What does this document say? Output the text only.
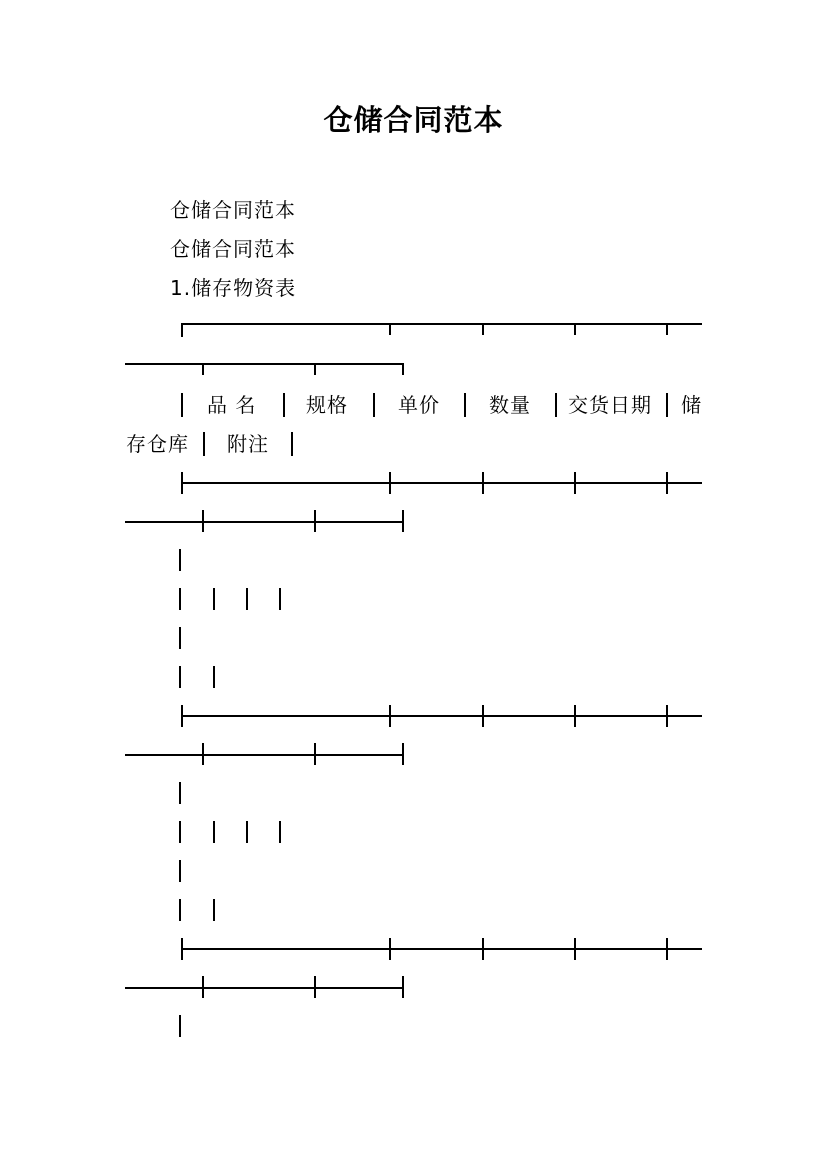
仓储合同范本
仓储合同范本
仓储合同范本
1.储存物资表
品 名 规格	单价 数量 交货日期 储
存仓库 附注
